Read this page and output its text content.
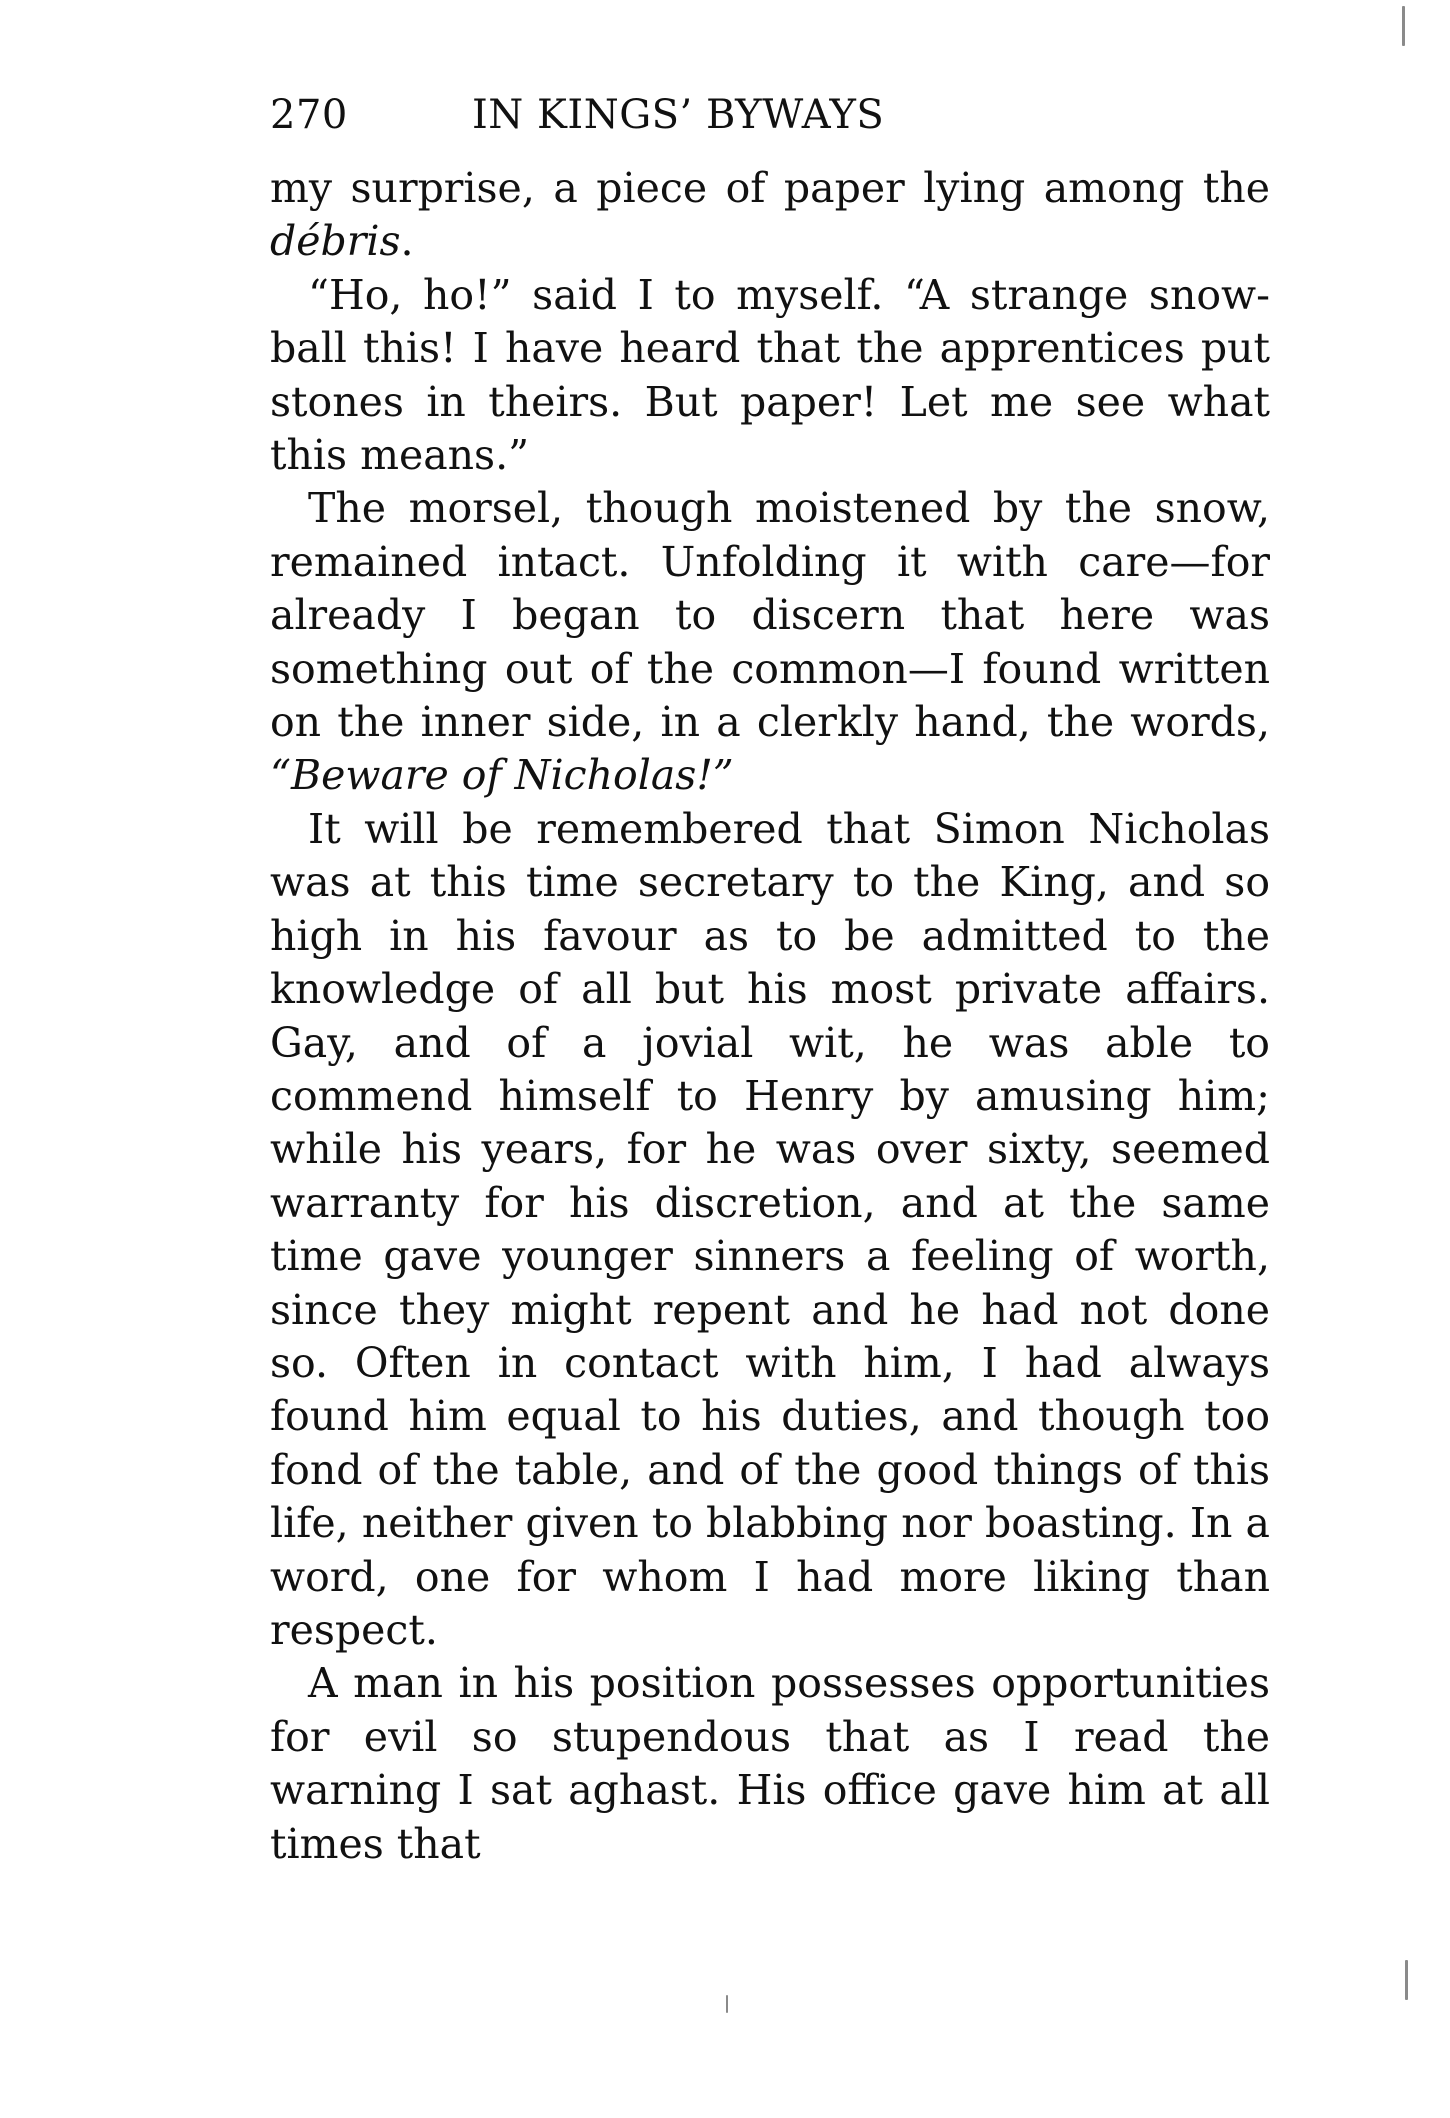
270	IN KINGS’ BYWAYS

my surprise, a piece of paper lying among the débris.

“Ho, ho!” said I to myself. “A strange snow-ball this! I have heard that the apprentices put stones in theirs. But paper! Let me see what this means.”

The morsel, though moistened by the snow, remained intact. Unfolding it with care—for already I began to discern that here was something out of the common—I found written on the inner side, in a clerkly hand, the words, “Beware of Nicholas!”

It will be remembered that Simon Nicholas was at this time secretary to the King, and so high in his favour as to be admitted to the knowledge of all but his most private affairs. Gay, and of a jovial wit, he was able to commend himself to Henry by amusing him; while his years, for he was over sixty, seemed warranty for his discretion, and at the same time gave younger sinners a feeling of worth, since they might repent and he had not done so. Often in contact with him, I had always found him equal to his duties, and though too fond of the table, and of the good things of this life, neither given to blabbing nor boasting. In a word, one for whom I had more liking than respect.

A man in his position possesses opportunities for evil so stupendous that as I read the warning I sat aghast. His office gave him at all times that
